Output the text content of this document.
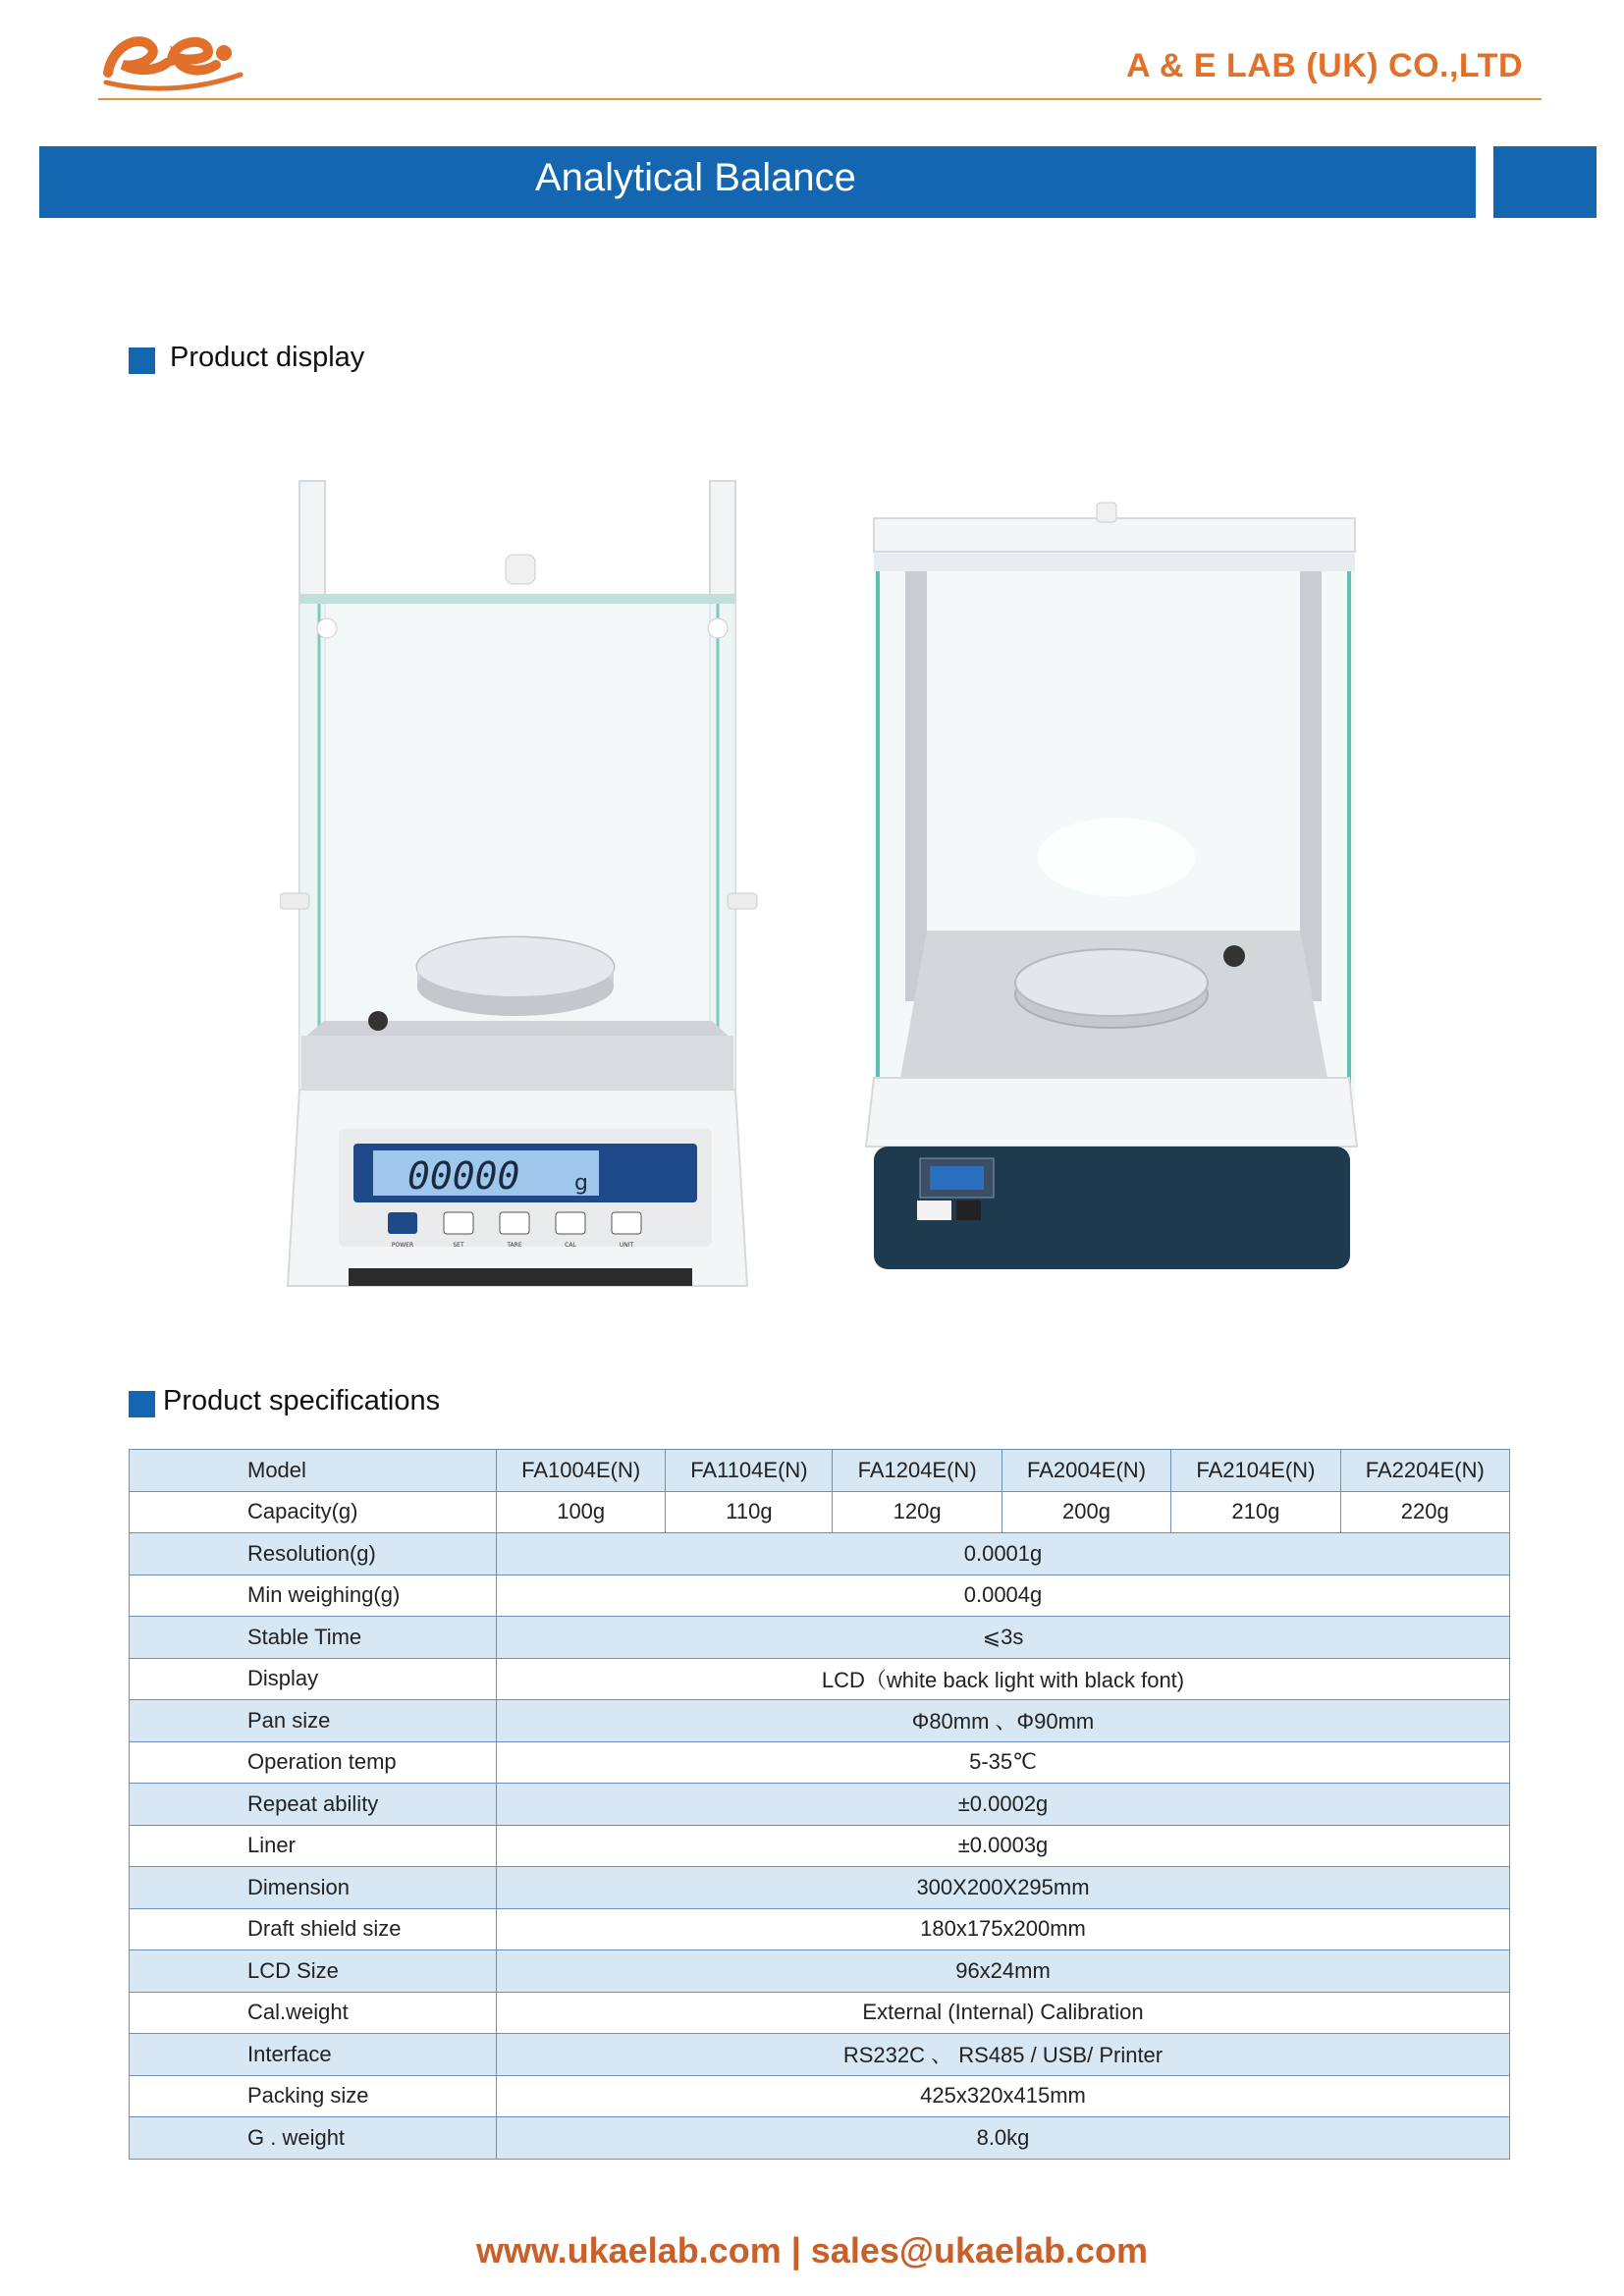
A & E LAB (UK) CO.,LTD
Analytical Balance
Product display
00000	g
POWER	SET	TARE	CAL	UNIT
Product specifications
Model	FA1004E(N)	FA1104E(N)	FA1204E(N)	FA2004E(N)	FA2104E(N)	FA2204E(N)
Capacity(g)	100g	110g	120g	200g	210g	220g
Resolution(g)	0.0001g					
Min weighing(g)	0.0004g					
Stable Time	⩽3s					
Display	LCD（white back light with black font)					
Pan size	Φ80mm 、Φ90mm					
Operation temp	5-35℃					
Repeat ability	±0.0002g					
Liner	±0.0003g					
Dimension	300X200X295mm					
Draft shield size	180x175x200mm					
LCD Size	96x24mm					
Cal.weight	External (Internal) Calibration					
Interface	RS232C 、 RS485 / USB/ Printer					
Packing size	425x320x415mm					
G . weight	8.0kg					
www.ukaelab.com | sales@ukaelab.com
